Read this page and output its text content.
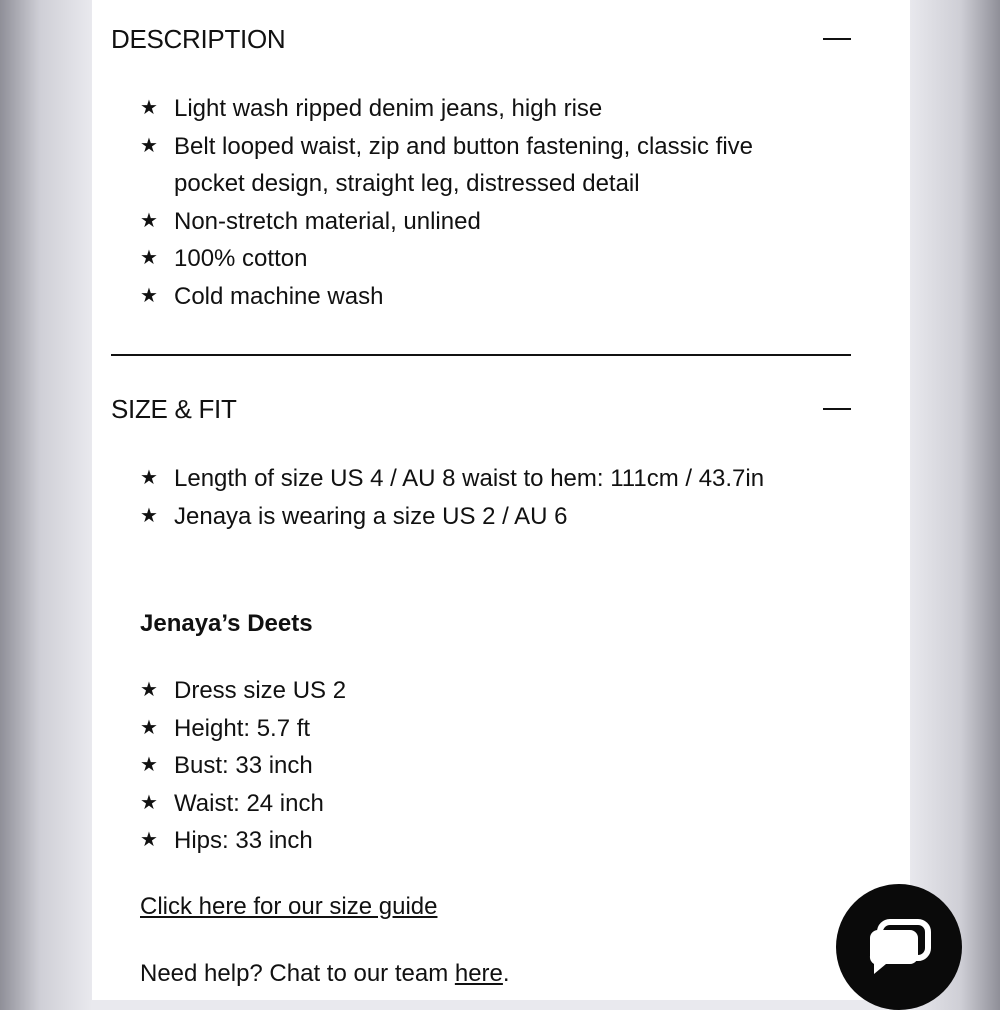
DESCRIPTION
★ Light wash ripped denim jeans, high rise
★ Belt looped waist, zip and button fastening, classic five pocket design, straight leg, distressed detail
★ Non-stretch material, unlined
★ 100% cotton
★ Cold machine wash
SIZE & FIT
★ Length of size US 4 / AU 8 waist to hem: 111cm / 43.7in
★ Jenaya is wearing a size US 2 / AU 6
Jenaya’s Deets
★ Dress size US 2
★ Height: 5.7 ft
★ Bust: 33 inch
★ Waist: 24 inch
★ Hips: 33 inch
Click here for our size guide
Need help? Chat to our team here.
